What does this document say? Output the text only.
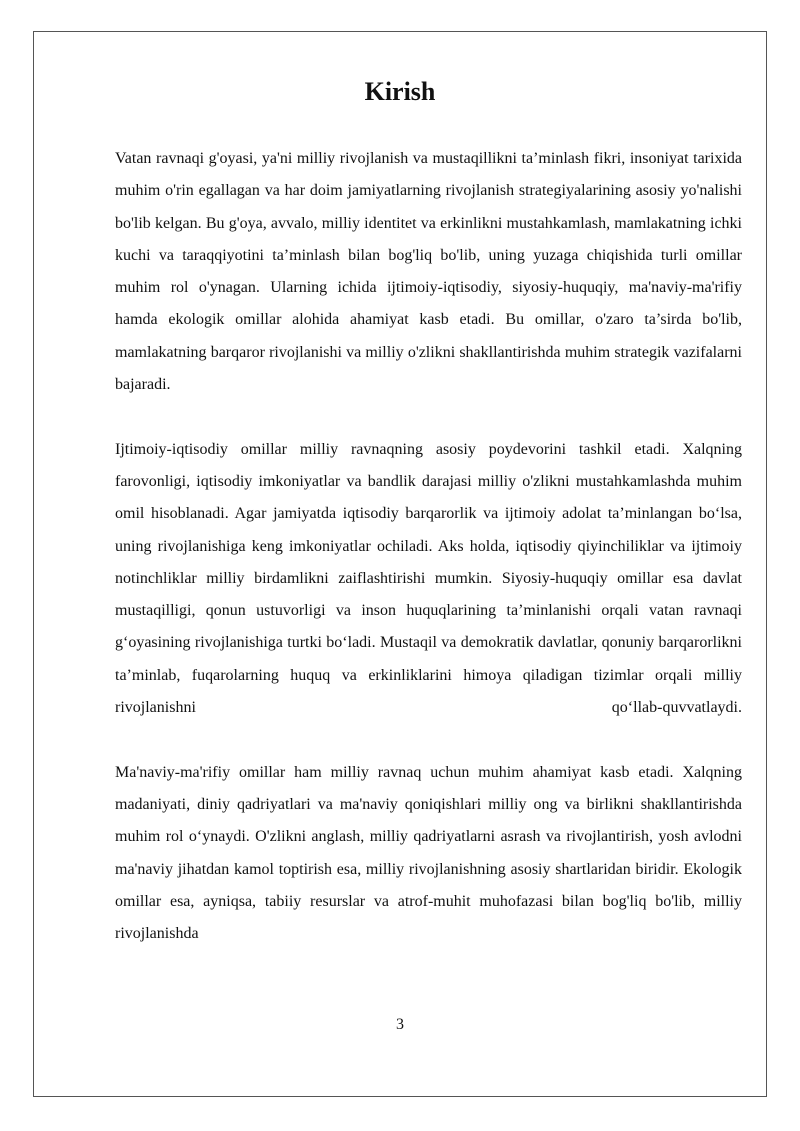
Kirish

Vatan ravnaqi g'oyasi, ya'ni milliy rivojlanish va mustaqillikni ta’minlash fikri, insoniyat tarixida muhim o'rin egallagan va har doim jamiyatlarning rivojlanish strategiyalarining asosiy yo'nalishi bo'lib kelgan. Bu g'oya, avvalo, milliy identitet va erkinlikni mustahkamlash, mamlakatning ichki kuchi va taraqqiyotini ta’minlash bilan bog'liq bo'lib, uning yuzaga chiqishida turli omillar muhim rol o'ynagan. Ularning ichida ijtimoiy-iqtisodiy, siyosiy-huquqiy, ma'naviy-ma'rifiy hamda ekologik omillar alohida ahamiyat kasb etadi. Bu omillar, o'zaro ta’sirda bo'lib, mamlakatning barqaror rivojlanishi va milliy o'zlikni shakllantirishda muhim strategik vazifalarni bajaradi.

Ijtimoiy-iqtisodiy omillar milliy ravnaqning asosiy poydevorini tashkil etadi. Xalqning farovonligi, iqtisodiy imkoniyatlar va bandlik darajasi milliy o'zlikni mustahkamlashda muhim omil hisoblanadi. Agar jamiyatda iqtisodiy barqarorlik va ijtimoiy adolat ta’minlangan bo‘lsa, uning rivojlanishiga keng imkoniyatlar ochiladi. Aks holda, iqtisodiy qiyinchiliklar va ijtimoiy notinchliklar milliy birdamlikni zaiflashtirishi mumkin. Siyosiy-huquqiy omillar esa davlat mustaqilligi, qonun ustuvorligi va inson huquqlarining ta’minlanishi orqali vatan ravnaqi g‘oyasining rivojlanishiga turtki bo‘ladi. Mustaqil va demokratik davlatlar, qonuniy barqarorlikni ta’minlab, fuqarolarning huquq va erkinliklarini himoya qiladigan tizimlar orqali milliy rivojlanishni qo‘llab-quvvatlaydi.

Ma'naviy-ma'rifiy omillar ham milliy ravnaq uchun muhim ahamiyat kasb etadi. Xalqning madaniyati, diniy qadriyatlari va ma'naviy qoniqishlari milliy ong va birlikni shakllantirishda muhim rol o‘ynaydi. O'zlikni anglash, milliy qadriyatlarni asrash va rivojlantirish, yosh avlodni ma'naviy jihatdan kamol toptirish esa, milliy rivojlanishning asosiy shartlaridan biridir. Ekologik omillar esa, ayniqsa, tabiiy resurslar va atrof-muhit muhofazasi bilan bog'liq bo'lib, milliy rivojlanishda

3
